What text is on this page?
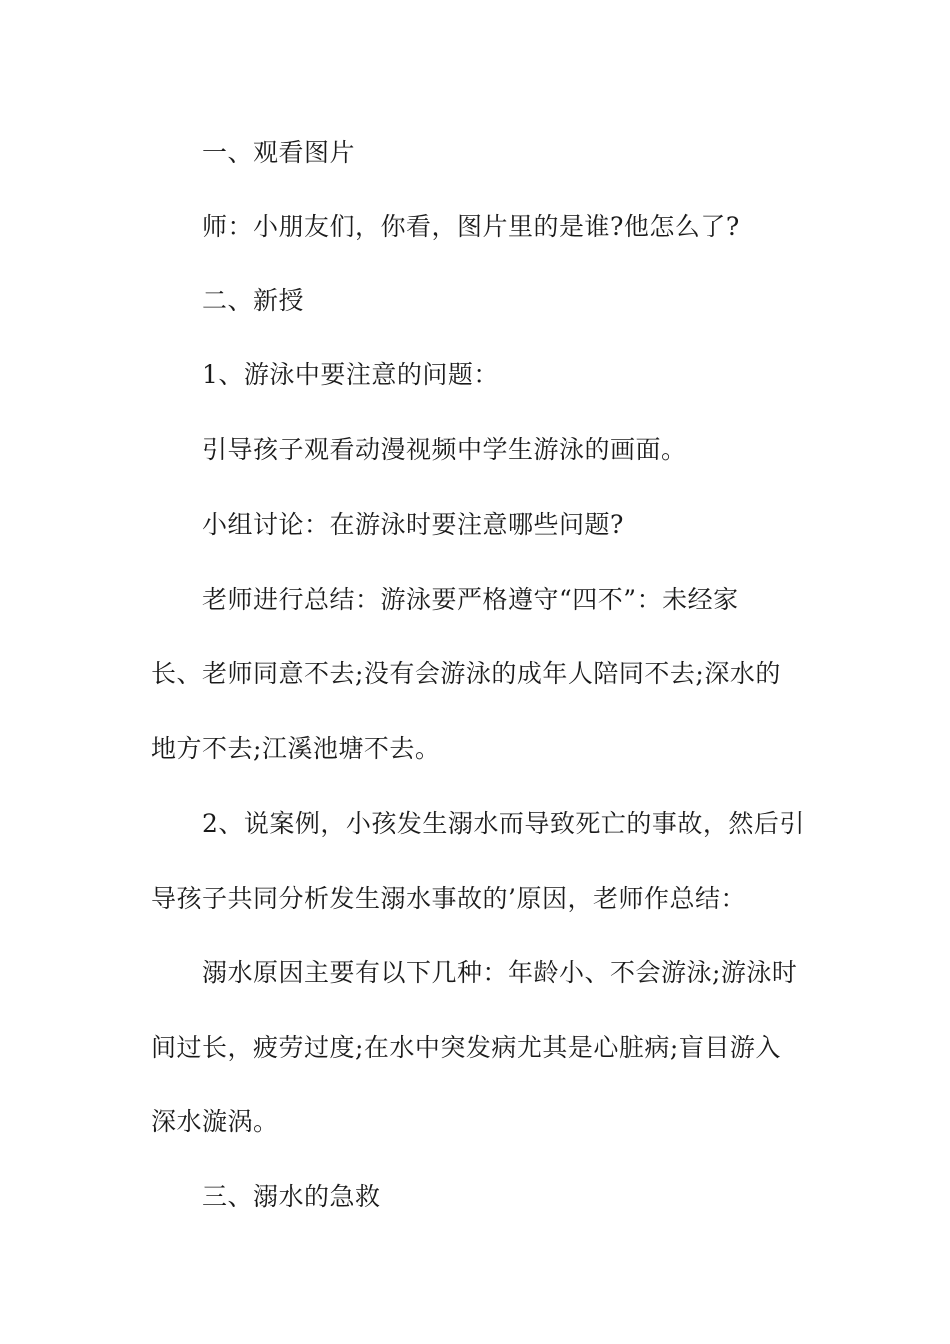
一、观看图片
师：小朋友们，你看，图片里的是谁?他怎么了?
二、新授
1、游泳中要注意的问题：
引导孩子观看动漫视频中学生游泳的画面。
小组讨论：在游泳时要注意哪些问题?
老师进行总结：游泳要严格遵守“四不”：未经家
长、老师同意不去;没有会游泳的成年人陪同不去;深水的
地方不去;江溪池塘不去。
2、说案例，小孩发生溺水而导致死亡的事故，然后引
导孩子共同分析发生溺水事故的’原因，老师作总结：
溺水原因主要有以下几种：年龄小、不会游泳;游泳时
间过长，疲劳过度;在水中突发病尤其是心脏病;盲目游入
深水漩涡。
三、溺水的急救
